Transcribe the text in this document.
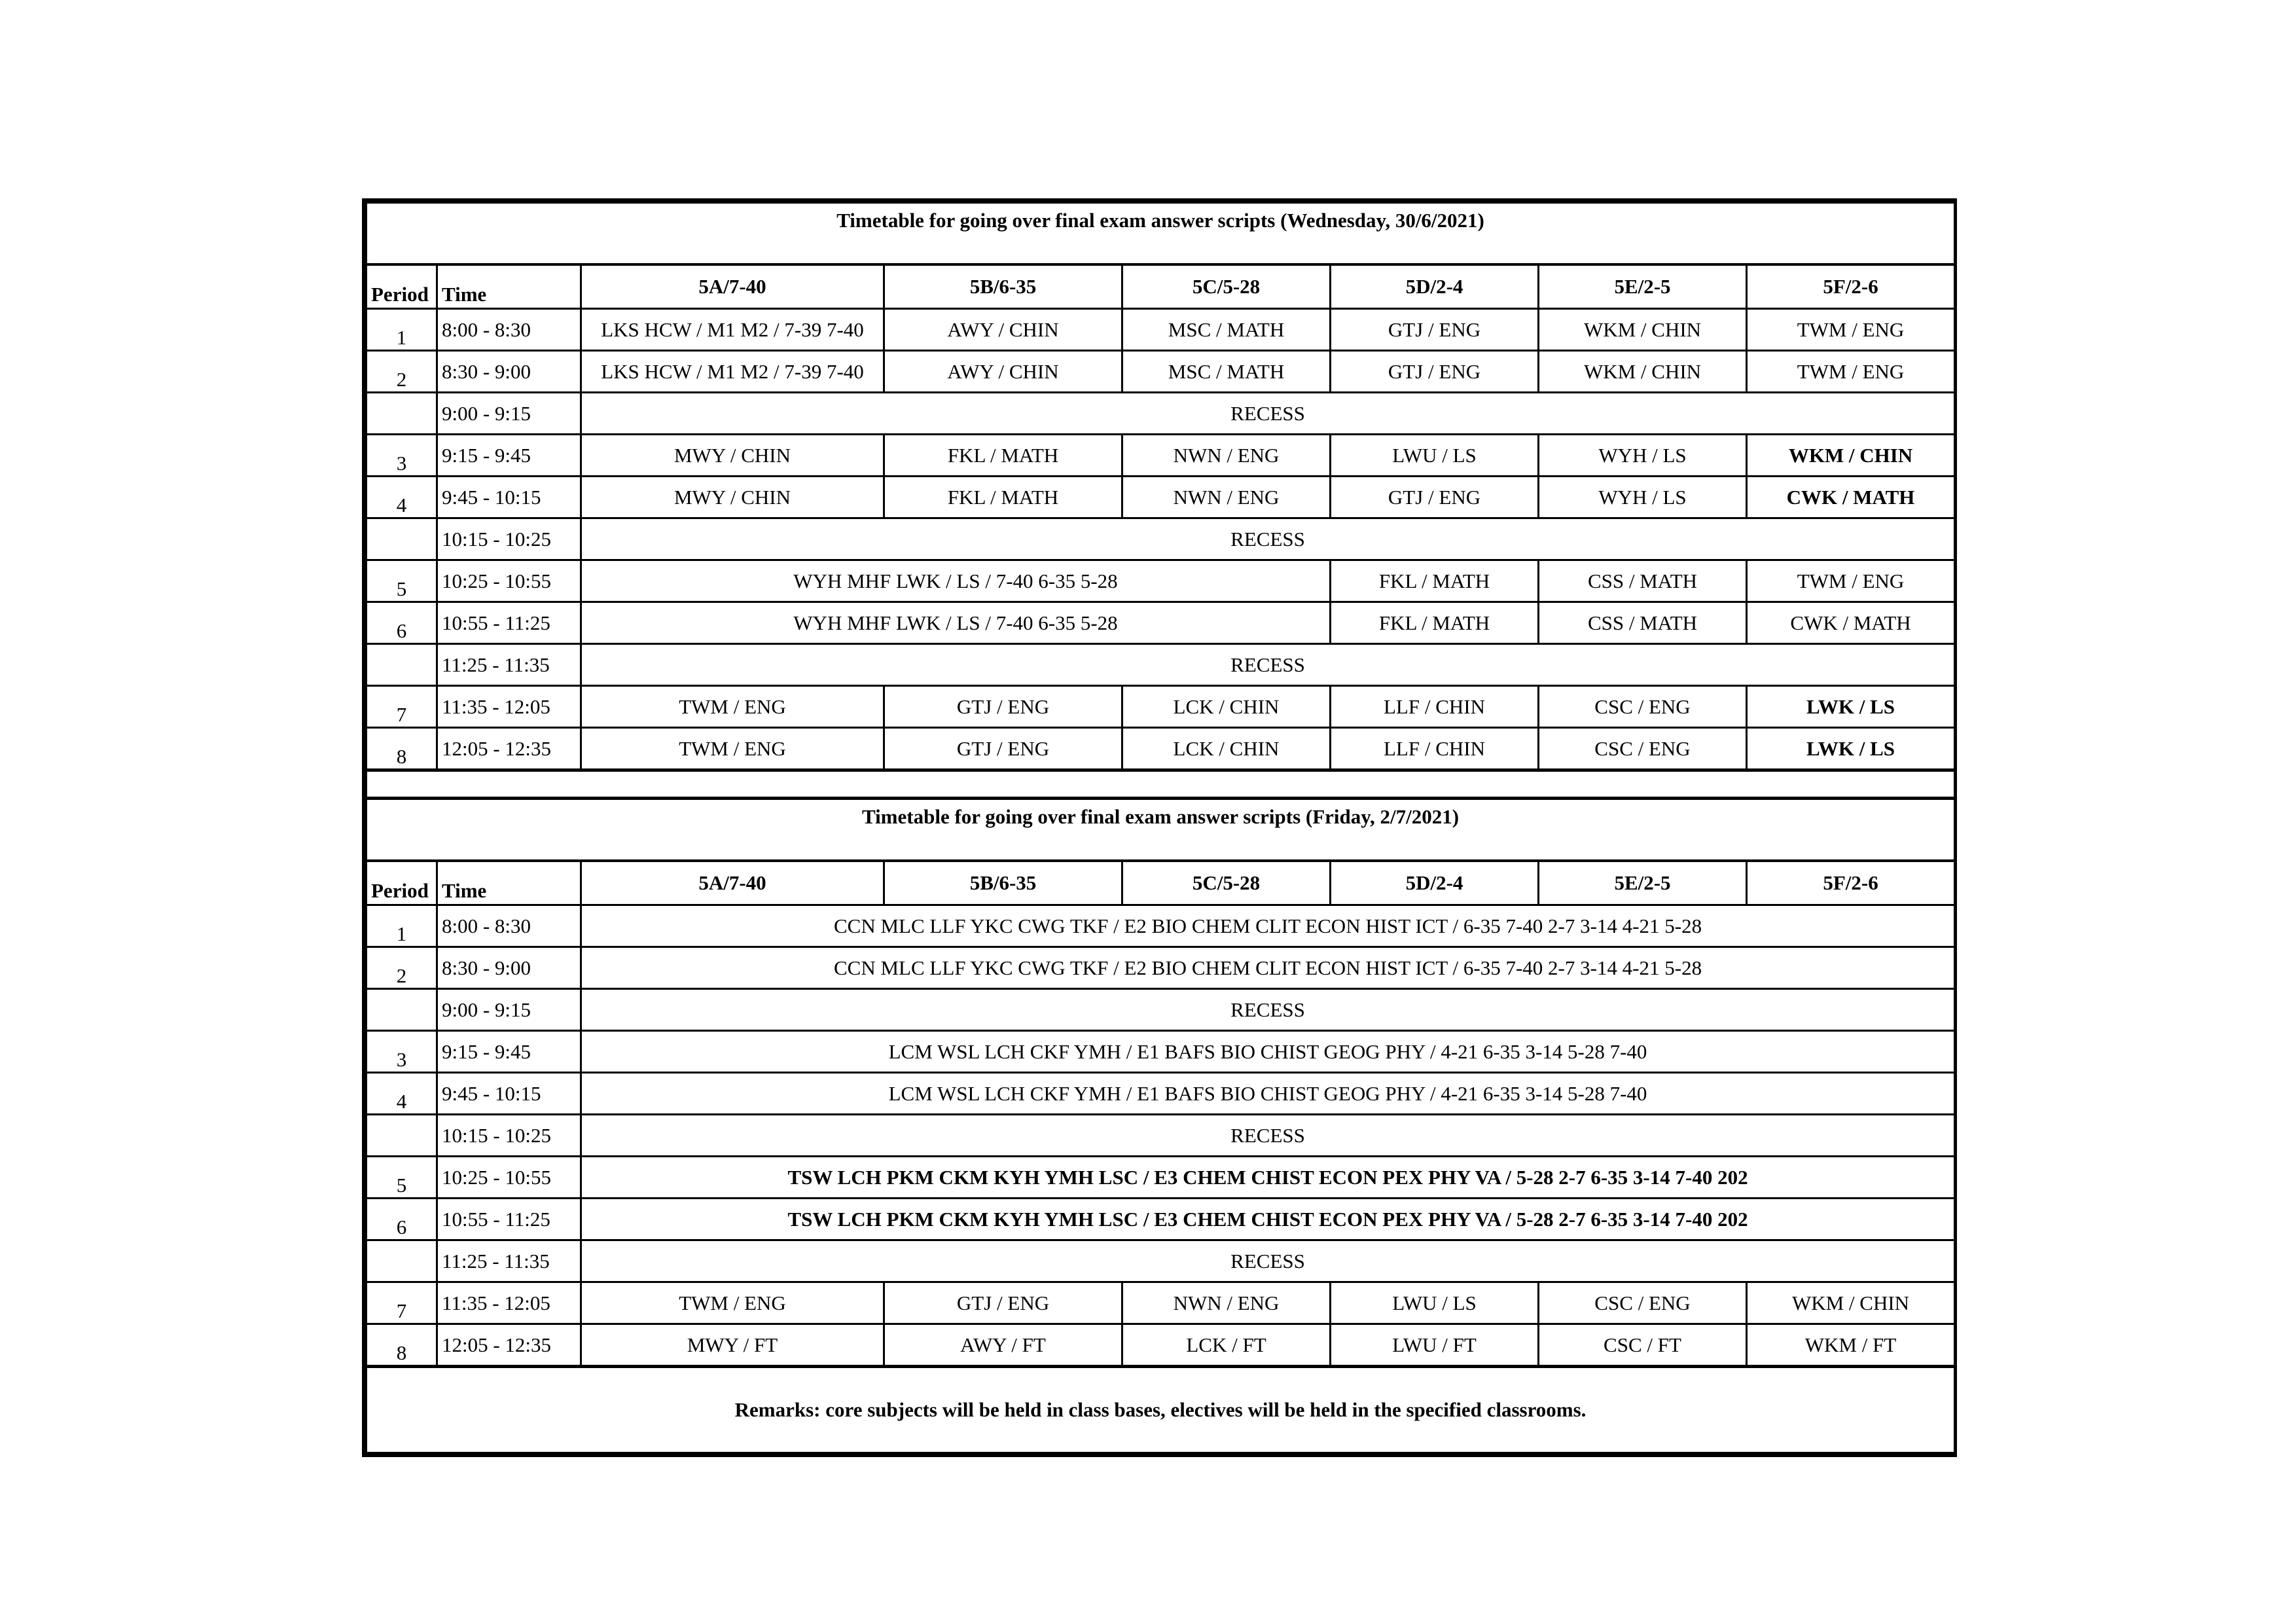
Timetable for going over final exam answer scripts (Wednesday, 30/6/2021)							
Period	Time	5A/7-40	5B/6-35	5C/5-28	5D/2-4	5E/2-5	5F/2-6
1	8:00 - 8:30	LKS HCW / M1 M2 / 7-39 7-40	AWY / CHIN	MSC / MATH	GTJ / ENG	WKM / CHIN	TWM / ENG
2	8:30 - 9:00	LKS HCW / M1 M2 / 7-39 7-40	AWY / CHIN	MSC / MATH	GTJ / ENG	WKM / CHIN	TWM / ENG
	9:00 - 9:15	RECESS					
3	9:15 - 9:45	MWY / CHIN	FKL / MATH	NWN / ENG	LWU / LS	WYH / LS	WKM / CHIN
4	9:45 - 10:15	MWY / CHIN	FKL / MATH	NWN / ENG	GTJ / ENG	WYH / LS	CWK / MATH
	10:15 - 10:25	RECESS					
5	10:25 - 10:55	WYH MHF LWK / LS / 7-40 6-35 5-28			FKL / MATH	CSS / MATH	TWM / ENG
6	10:55 - 11:25	WYH MHF LWK / LS / 7-40 6-35 5-28			FKL / MATH	CSS / MATH	CWK / MATH
	11:25 - 11:35	RECESS					
7	11:35 - 12:05	TWM / ENG	GTJ / ENG	LCK / CHIN	LLF / CHIN	CSC / ENG	LWK / LS
8	12:05 - 12:35	TWM / ENG	GTJ / ENG	LCK / CHIN	LLF / CHIN	CSC / ENG	LWK / LS

Timetable for going over final exam answer scripts (Friday, 2/7/2021)							
Period	Time	5A/7-40	5B/6-35	5C/5-28	5D/2-4	5E/2-5	5F/2-6
1	8:00 - 8:30	CCN MLC LLF YKC CWG TKF / E2 BIO CHEM CLIT ECON HIST ICT / 6-35 7-40 2-7 3-14 4-21 5-28					
2	8:30 - 9:00	CCN MLC LLF YKC CWG TKF / E2 BIO CHEM CLIT ECON HIST ICT / 6-35 7-40 2-7 3-14 4-21 5-28					
	9:00 - 9:15	RECESS					
3	9:15 - 9:45	LCM WSL LCH CKF YMH / E1 BAFS BIO CHIST GEOG PHY / 4-21 6-35 3-14 5-28 7-40					
4	9:45 - 10:15	LCM WSL LCH CKF YMH / E1 BAFS BIO CHIST GEOG PHY / 4-21 6-35 3-14 5-28 7-40					
	10:15 - 10:25	RECESS					
5	10:25 - 10:55	TSW LCH PKM CKM KYH YMH LSC / E3 CHEM CHIST ECON PEX PHY VA / 5-28 2-7 6-35 3-14 7-40 202					
6	10:55 - 11:25	TSW LCH PKM CKM KYH YMH LSC / E3 CHEM CHIST ECON PEX PHY VA / 5-28 2-7 6-35 3-14 7-40 202					
	11:25 - 11:35	RECESS					
7	11:35 - 12:05	TWM / ENG	GTJ / ENG	NWN / ENG	LWU / LS	CSC / ENG	WKM / CHIN
8	12:05 - 12:35	MWY / FT	AWY / FT	LCK / FT	LWU / FT	CSC / FT	WKM / FT
Remarks: core subjects will be held in class bases, electives will be held in the specified classrooms.							
